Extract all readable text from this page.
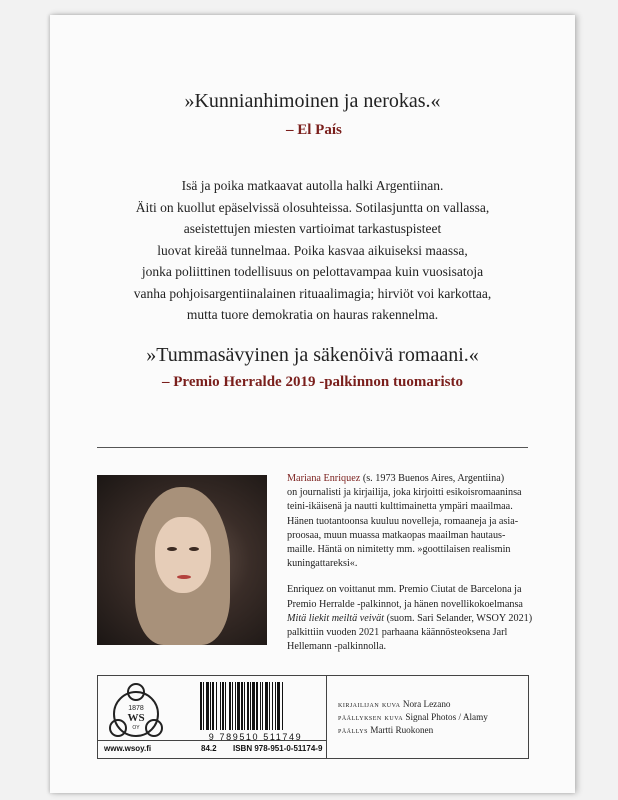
»Kunnianhimoinen ja nerokas.«
– El País
Isä ja poika matkaavat autolla halki Argentiinan.
Äiti on kuollut epäselvissä olosuhteissa. Sotilasjuntta on vallassa,
aseistettujen miesten vartioimat tarkastuspisteet
luovat kireää tunnelmaa. Poika kasvaa aikuiseksi maassa,
jonka poliittinen todellisuus on pelottavampaa kuin vuosisatoja
vanha pohjoisargentiinalainen rituaalimagia; hirviöt voi karkottaa,
mutta tuore demokratia on hauras rakennelma.
»Tummasävyinen ja säkenöivä romaani.«
– Premio Herralde 2019 -palkinnon tuomaristo
Mariana Enriquez (s. 1973 Buenos Aires, Argentiina)
on journalisti ja kirjailija, joka kirjoitti esikoisromaaninsa
teini-ikäisenä ja nautti kulttimainetta ympäri maailmaa.
Hänen tuotantoonsa kuuluu novelleja, romaaneja ja asia-
proosaa, muun muassa matkaopas maailman hautaus-
maille. Häntä on nimitetty mm. »goottilaisen realismin
kuningattareksi«.
Enriquez on voittanut mm. Premio Ciutat de Barcelona ja
Premio Herralde -palkinnot, ja hänen novellikokoelmansa
Mitä liekit meiltä veivät (suom. Sari Selander, WSOY 2021)
palkittiin vuoden 2021 parhaana käännösteoksena Jarl
Hellemann -palkinnolla.
1878
WS
OY
9 789510 511749
www.wsoy.fi	84.2 ISBN 978-951-0-51174-9
kirjailijan kuva Nora Lezano
päällyksen kuva Signal Photos / Alamy
päällys Martti Ruokonen
